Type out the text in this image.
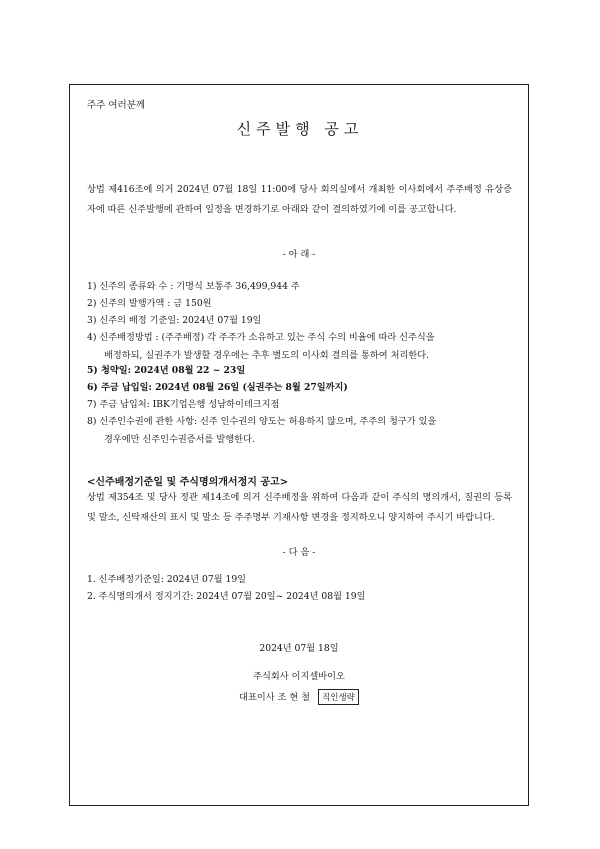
주주 여러분께
신주발행 공고
상법 제416조에 의거 2024년 07월 18일 11:00에 당사 회의실에서 개최한 이사회에서 주주배정 유상증자에 따른 신주발행에 관하여 일정을 변경하기로 아래와 같이 결의하였기에 이를 공고합니다.
- 아 래 -
1) 신주의 종류와 수 : 기명식 보통주 36,499,944 주
2) 신주의 발행가액 : 금 150원
3) 신주의 배정 기준일: 2024년 07월 19일
4) 신주배정방법 : (주주배정) 각 주주가 소유하고 있는 주식 수의 비율에 따라 신주식을
배정하되, 실권주가 발생할 경우에는 추후 별도의 이사회 결의를 통하여 처리한다.
5) 청약일: 2024년 08월 22 ~ 23일
6) 주금 납입일: 2024년 08월 26일 (실권주는 8월 27일까지)
7) 주금 납입처: IBK기업은행 성남하이테크지점
8) 신주인수권에 관한 사항: 신주 인수권의 양도는 허용하지 않으며, 주주의 청구가 있을
경우에만 신주인수권증서를 발행한다.
<신주배정기준일 및 주식명의개서정지 공고>
상법 제354조 및 당사 정관 제14조에 의거 신주배정을 위하여 다음과 같이 주식의 명의개서, 질권의 등록 및 말소, 신탁재산의 표시 및 말소 등 주주명부 기재사항 변경을 정지하오니 양지하여 주시기 바랍니다.
- 다 음 -
1. 신주배정기준일: 2024년 07월 19일
2. 주식명의개서 정지기간: 2024년 07월 20일~ 2024년 08월 19일
2024년 07월 18일
주식회사 이지셀바이오
대표이사 조 현 철 직인생략
